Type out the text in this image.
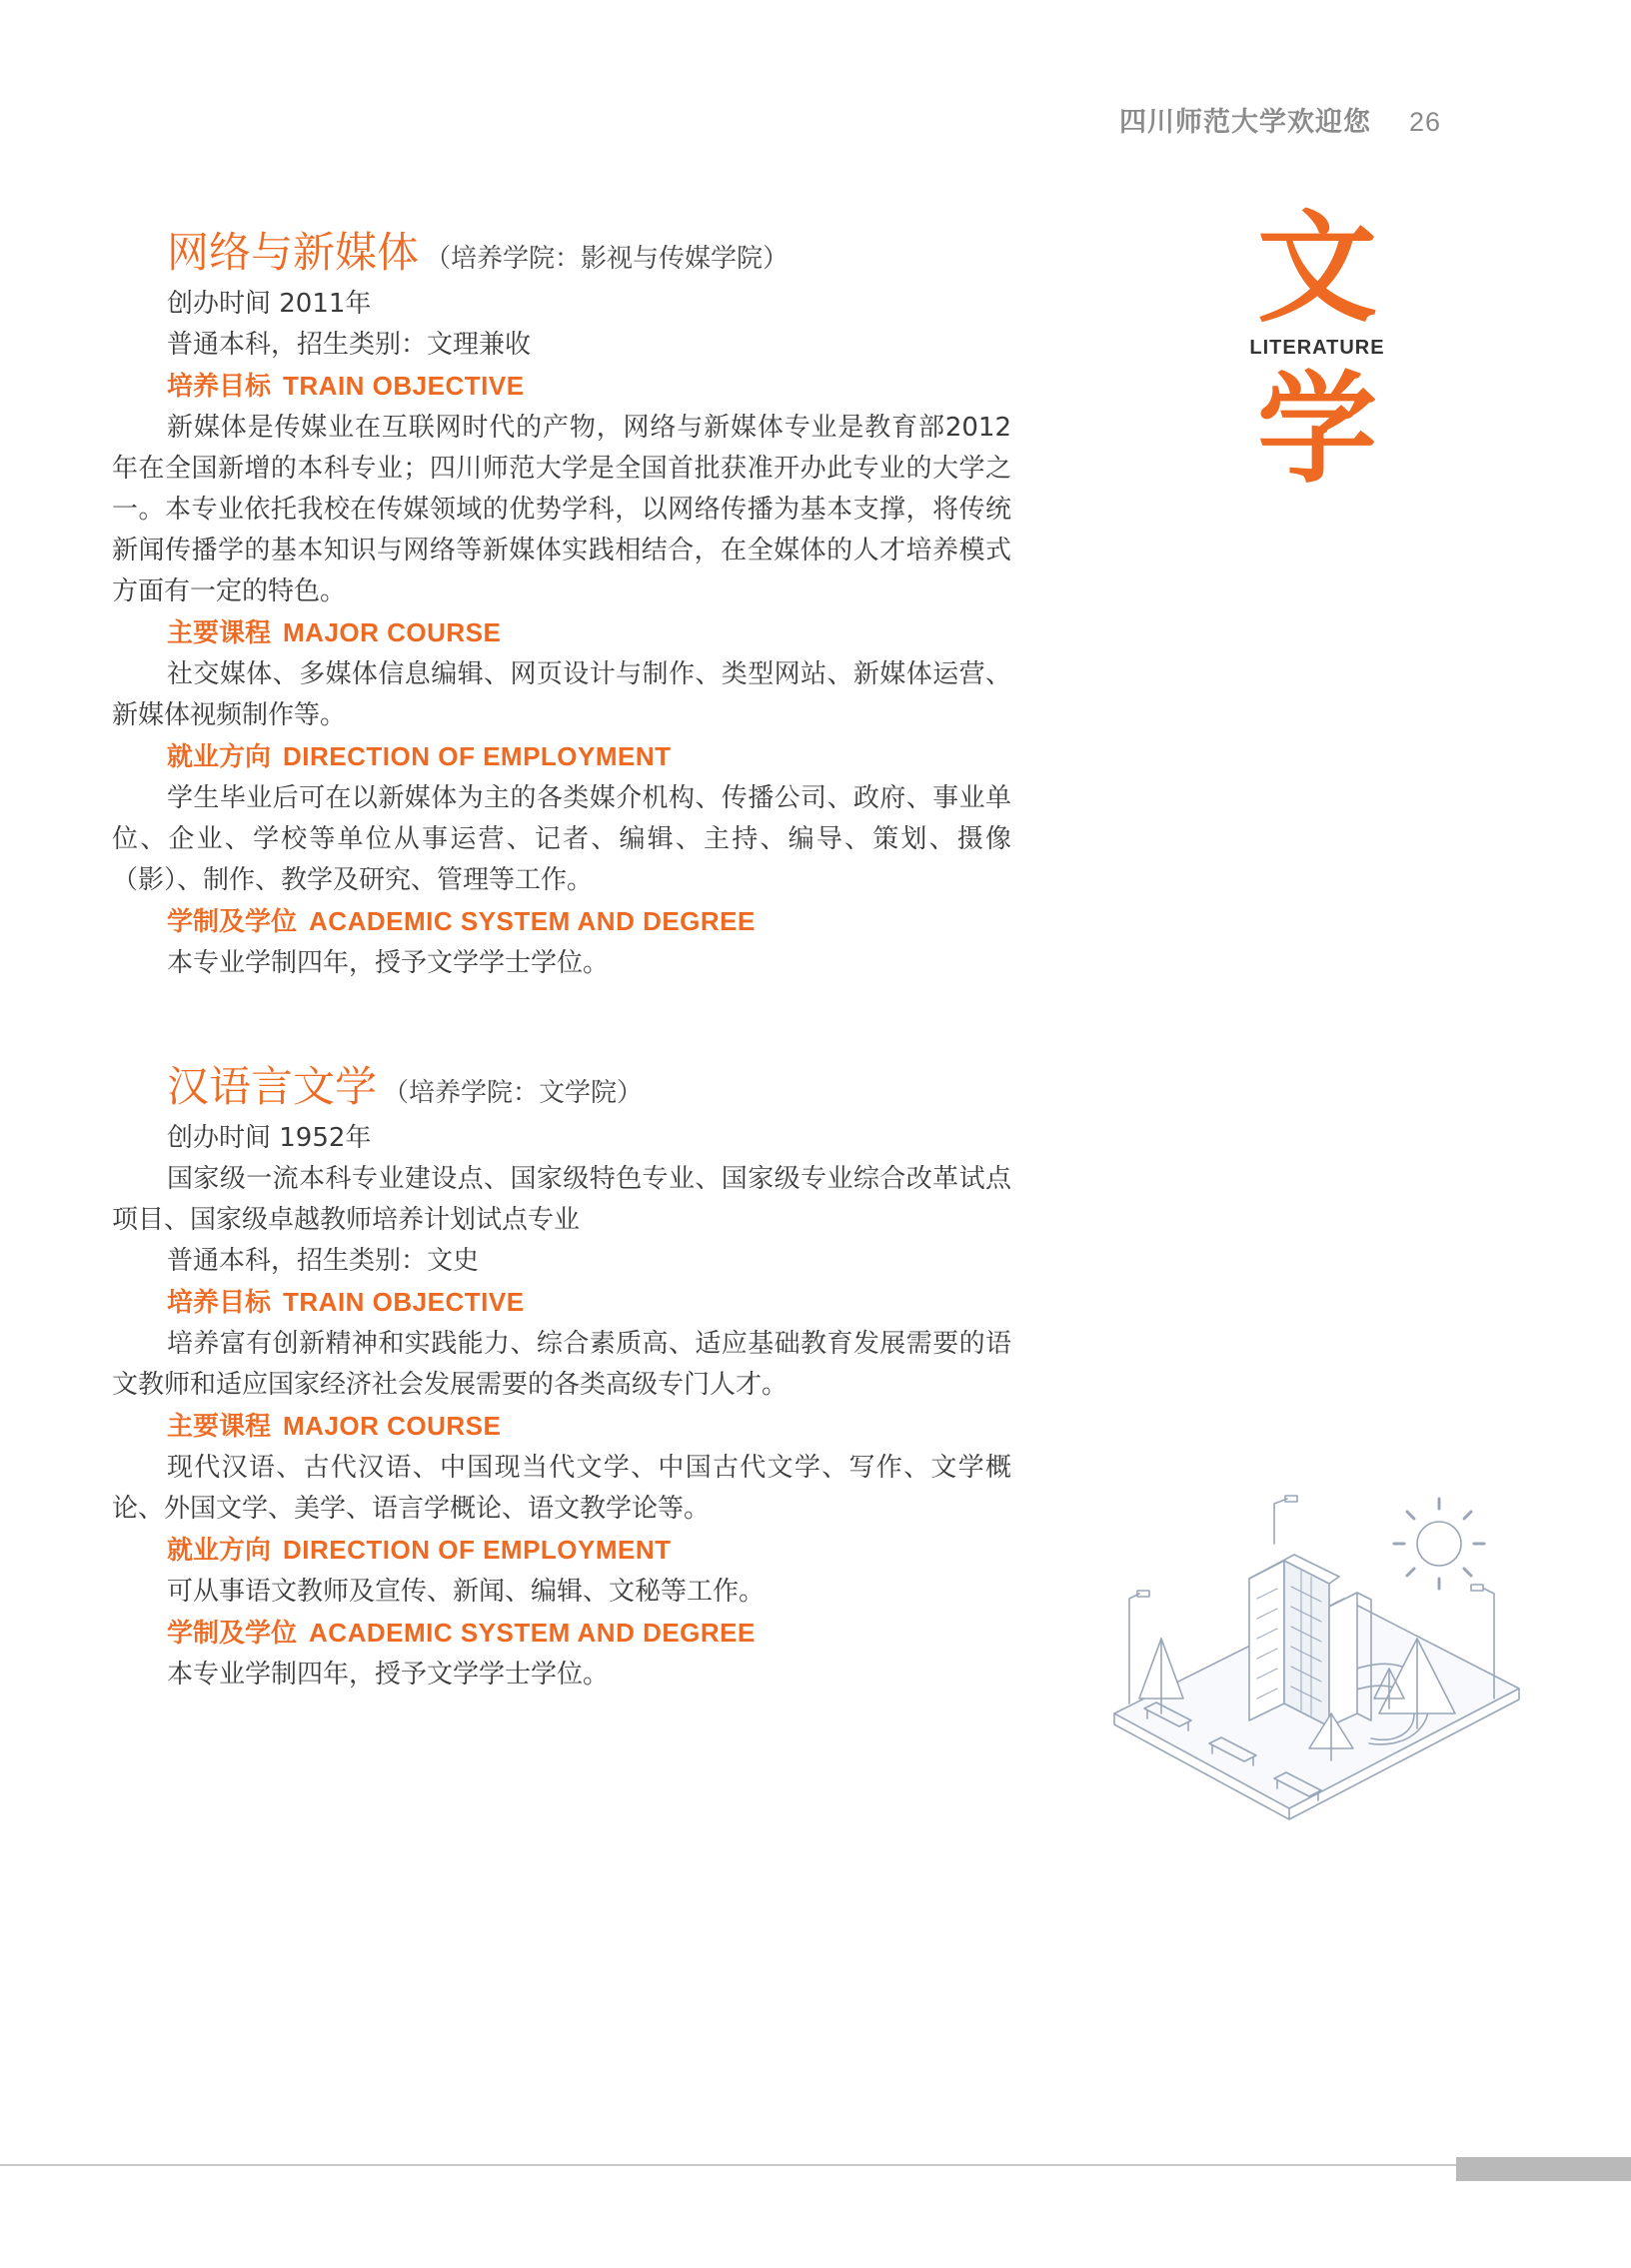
四川师范大学欢迎您 26
网络与新媒体 （培养学院：影视与传媒学院）
创办时间 2011年
普通本科，招生类别：文理兼收
培养目标 TRAIN OBJECTIVE

新媒体是传媒业在互联网时代的产物，网络与新媒体专业是教育部2012年在全国新增的本科专业；四川师范大学是全国首批获准开办此专业的大学之一。本专业依托我校在传媒领域的优势学科，以网络传播为基本支撑，将传统新闻传播学的基本知识与网络等新媒体实践相结合，在全媒体的人才培养模式方面有一定的特色。

主要课程 MAJOR COURSE

社交媒体、多媒体信息编辑、网页设计与制作、类型网站、新媒体运营、新媒体视频制作等。

就业方向 DIRECTION OF EMPLOYMENT

学生毕业后可在以新媒体为主的各类媒介机构、传播公司、政府、事业单位、企业、学校等单位从事运营、记者、编辑、主持、编导、策划、摄像（影）、制作、教学及研究、管理等工作。

学制及学位 ACADEMIC SYSTEM AND DEGREE
本专业学制四年，授予文学学士学位。
汉语言文学 （培养学院：文学院）
创办时间 1952年

国家级一流本科专业建设点、国家级特色专业、国家级专业综合改革试点项目、国家级卓越教师培养计划试点专业

普通本科，招生类别：文史
培养目标 TRAIN OBJECTIVE

培养富有创新精神和实践能力、综合素质高、适应基础教育发展需要的语文教师和适应国家经济社会发展需要的各类高级专门人才。

主要课程 MAJOR COURSE

现代汉语、古代汉语、中国现当代文学、中国古代文学、写作、文学概论、外国文学、美学、语言学概论、语文教学论等。

就业方向 DIRECTION OF EMPLOYMENT
可从事语文教师及宣传、新闻、编辑、文秘等工作。
学制及学位 ACADEMIC SYSTEM AND DEGREE
本专业学制四年，授予文学学士学位。
文
LITERATURE
学
